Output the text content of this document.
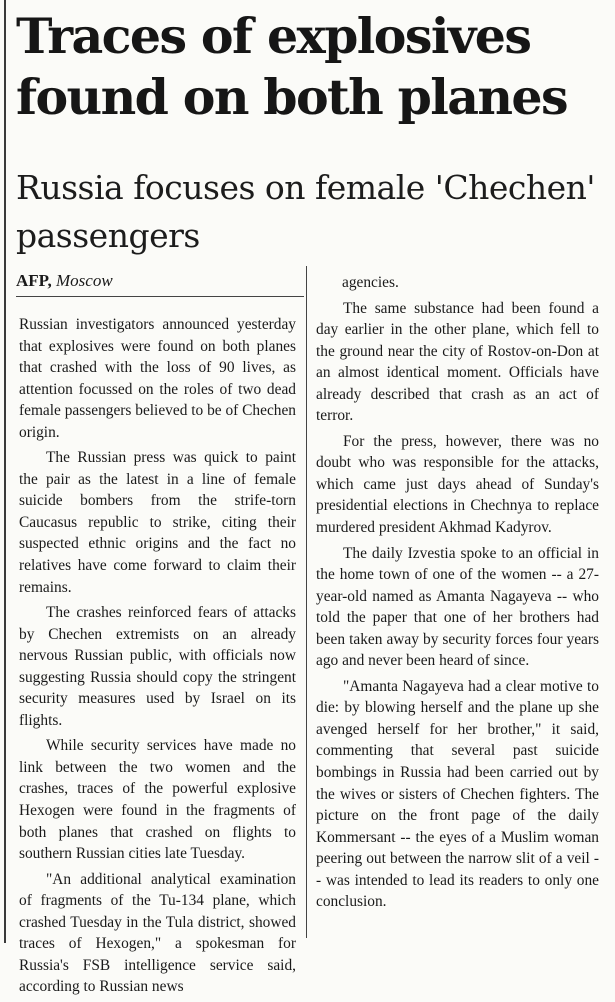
Traces of explosives found on both planes
Russia focuses on female 'Chechen' passengers
AFP, Moscow

Russian investigators announced yesterday that explosives were found on both planes that crashed with the loss of 90 lives, as attention focussed on the roles of two dead female passengers believed to be of Chechen origin.

The Russian press was quick to paint the pair as the latest in a line of female suicide bombers from the strife-torn Caucasus republic to strike, citing their suspected ethnic origins and the fact no relatives have come forward to claim their remains.

The crashes reinforced fears of attacks by Chechen extremists on an already nervous Russian public, with officials now suggesting Russia should copy the stringent security measures used by Israel on its flights.

While security services have made no link between the two women and the crashes, traces of the powerful explosive Hexogen were found in the fragments of both planes that crashed on flights to southern Russian cities late Tuesday.

"An additional analytical examination of fragments of the Tu-134 plane, which crashed Tuesday in the Tula district, showed traces of Hexogen," a spokesman for Russia's FSB intelligence service said, according to Russian news

agencies.

The same substance had been found a day earlier in the other plane, which fell to the ground near the city of Rostov-on-Don at an almost identical moment. Officials have already described that crash as an act of terror.

For the press, however, there was no doubt who was responsible for the attacks, which came just days ahead of Sunday's presidential elections in Chechnya to replace murdered president Akhmad Kadyrov.

The daily Izvestia spoke to an official in the home town of one of the women -- a 27-year-old named as Amanta Nagayeva -- who told the paper that one of her brothers had been taken away by security forces four years ago and never been heard of since.

"Amanta Nagayeva had a clear motive to die: by blowing herself and the plane up she avenged herself for her brother," it said, commenting that several past suicide bombings in Russia had been carried out by the wives or sisters of Chechen fighters. The picture on the front page of the daily Kommersant -- the eyes of a Muslim woman peering out between the narrow slit of a veil -- was intended to lead its readers to only one conclusion.
